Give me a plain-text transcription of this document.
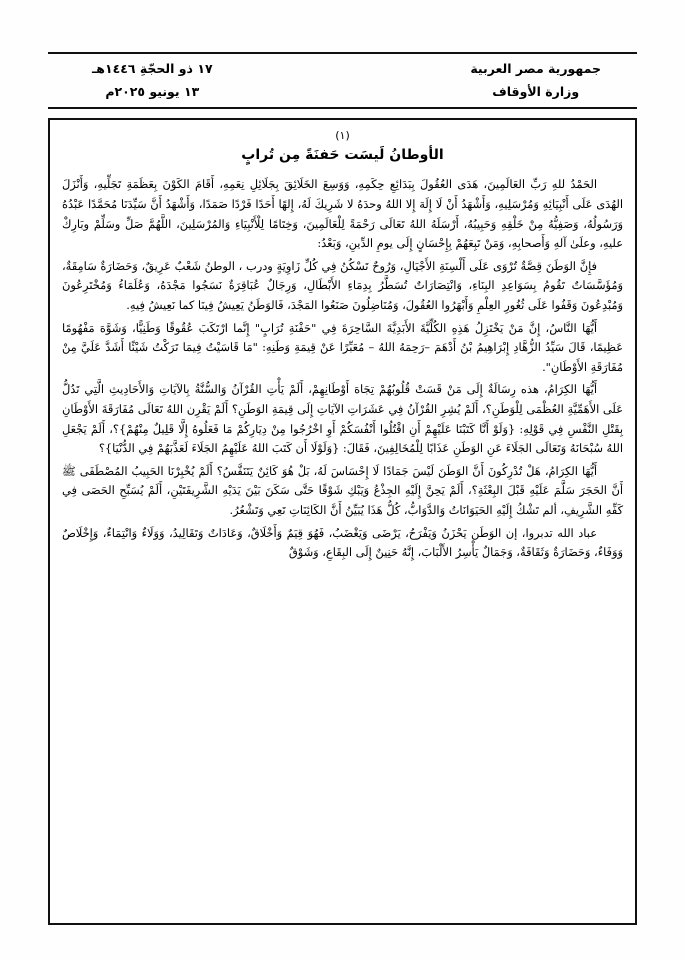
جمهورية مصر العربية
وزارة الأوقاف
١٧ ذو الحجّةِ ١٤٤٦هـ
١٣ يونيو ٢٠٢٥م
(١)
الأوطانُ لَيسَت حَفنَةً مِن تُرابٍ

الحَمْدُ للهِ رَبِّ العَالَمِينَ، هَدَى العُقُولَ بِبَدَائِعِ حِكَمِهِ، وَوَسِعَ الخَلَائِقَ بِجَلَائِلِ نِعَمِهِ، أَقَامَ الكَوْنَ بِعَظَمَةِ تَجَلِّيهِ، وَأَنْزَلَ الهُدَى عَلَى أَنْبِيَائِهِ وَمُرْسَلِيهِ، وَأَشْهَدُ أَنْ لَا إِلَهَ إِلا اللهُ وحدَهُ لا شَرِيكَ لَهُ، إِلهًا أَحَدًا فَرْدًا صَمَدًا، وَأَشْهَدُ أَنَّ سَيِّدَنَا مُحَمَّدًا عَبْدُهُ وَرَسُولُهُ، وَصَفِيُّهُ مِنْ خَلْقِهِ وَحَبِيبُهُ، أَرْسَلَهُ اللهُ تَعَالَى رَحْمَةً لِلْعَالَمِينَ، وَخِتَامًا لِلْأَنْبِيَاءِ وَالمُرْسَلِينَ، اللَّهُمَّ صَلِّ وسَلِّمْ وبَارِكْ عليهِ، وعلَىٰ آلهِ وَأَصحابِهِ، وَمَنْ تَبِعَهُمْ بِإِحْسَانٍ إِلَى يومِ الدِّينِ، وَبَعْدُ:

فإِنَّ الوَطَنَ قِصَّةٌ تُرْوَى عَلَى أَلْسِنَةِ الأَجْيَالِ، وَرُوحٌ تَسْكُنُ فِي كُلِّ زَاوِيَةٍ ودرب ، الوطنُ شَعْبٌ عَرِيقٌ، وَحَضَارَةٌ سَامِقَةٌ، وَمُؤَسَّسَاتٌ تَقُومُ بِسَوَاعِدِ البِنَاءِ، وَانْتِصَارَاتٌ تُسَطَّرُ بِدِمَاءِ الأَبْطَالِ، وَرِجَالٌ عُبَاقِرَةٌ نَسَجُوا مَجْدَهُ، وَعُلَمَاءُ وَمُخْتَرِعُونَ وَمُبْدِعُونَ وَقَفُوا عَلَى ثُغُورِ العِلْمِ وَأَبْهَرُوا العُقُولَ، وَمُنَاضِلُونَ صَنَعُوا المَجْدَ، فَالوَطَنُ يَعِيشُ فِينَا كما نَعِيشُ فِيهِ.

أَيُّهَا النَّاسُ، إِنَّ مَنْ يَخْتَزِلُ هَذِهِ الكُلِّيَّةَ الأَبَدِيَّةَ السَّاحِرَةَ فِي "حَفْنَةِ تُرَابٍ" إِنَّما ارْتَكَبَ عُقُوقًا وَطَنِيًّا، وَشَوَّهَ مَفْهُومًا عَظِيمًا، قَالَ سَيِّدُ الزُّهَّادِ إِبْرَاهِيمُ بْنُ أَدْهَمَ –رَحِمَهُ اللهُ – مُعَبِّرًا عَنْ قِيمَةِ وَطَنِهِ: "مَا قَاسَيْتُ فِيمَا تَرَكْتُ شَيْئًا أَشَدَّ عَلَيَّ مِنْ مُفَارَقَةِ الأَوْطَانِ".

أَيُّهَا الكِرَامُ، هذه رِسَالَةٌ إِلَى مَنْ قَسَتْ قُلُوبُهُمْ تِجَاهَ أَوْطَانِهِمْ، أَلَمْ يَأْتِ القُرْآنُ وَالسُّنَّةُ بِالآيَاتِ وَالأَحَادِيثِ الَّتِي تَدُلُّ عَلَى الأَهَمِّيَّةِ العُظْمَى لِلْوَطَنِ؟، أَلَمْ يُشِرِ القُرْآنُ فِي عَشَرَاتِ الآيَاتِ إِلَى قِيمَةِ الوَطَنِ؟ أَلَمْ يَقْرِن اللهُ تَعَالَى مُفَارَقَةَ الأَوْطَانِ بِقَتْلِ النَّفْسِ فِي قَوْلِهِ: {وَلَوْ أَنَّا كَتَبْنَا عَلَيْهِمْ أَنِ اقْتُلُوا أَنْفُسَكُمْ أَوِ اخْرُجُوا مِنْ دِيَارِكُمْ مَا فَعَلُوهُ إِلَّا قَلِيلٌ مِنْهُمْ}؟، أَلَمْ يَجْعَلِ اللهُ سُبْحَانَهُ وَتَعَالَى الجَلَاءَ عَنِ الوَطَنِ عَذَابًا لِلْمُخَالِفِينَ، فَقَالَ: {وَلَوْلَا أَن كَتَبَ اللهُ عَلَيْهِمُ الجَلَاءَ لَعَذَّبَهُمْ فِي الدُّنْيَا}؟

أَيُّهَا الكِرَامُ، هَلْ تُدْرِكُونَ أَنَّ الوَطَنَ لَيْسَ جَمَادًا لَا إِحْسَاسَ لَهُ، بَلْ هُوَ كَائِنٌ يَتَنَفَّسُ؟ أَلَمْ يُخْبِرْنَا الحَبِيبُ المُصْطَفَى ﷺ أَنَّ الحَجَرَ سَلَّمَ عَلَيْهِ قَبْلَ البِعْثَةِ؟، أَلَمْ يَحِنَّ إِلَيْهِ الجِذْعُ وَيَبْكِ شَوْقًا حَتَّى سَكَنَ بَيْنَ يَدَيْهِ الشَّرِيفَتَيْنِ، أَلَمْ يُسَبِّحِ الحَصَى فِي كَفِّهِ الشَّرِيفِ، ألم تَشْكُ إِلَيْهِ الحَيَوَانَاتُ وَالدَّوَابُّ، كُلُّ هَذَا يُبَيِّنُ أَنَّ الكَائِنَاتِ تَعِي وَتَشْعُرُ.

عباد الله تدبروا، إن الوَطَن يَحْزَنُ وَيَفْرَحُ، يَرْضَى وَيَغْضَبُ، فَهُوَ قِيَمٌ وَأَخْلَاقٌ، وَعَادَاتٌ وَتَقَالِيدُ، وَوَلَاءٌ وَانْتِمَاءٌ، وَإِخْلَاصٌ وَوَفَاءٌ، وَحَضَارَةٌ وَثَقَافَةٌ، وَجَمَالٌ يَأْسِرُ الأَلْبَابَ، إِنَّهُ حَنِينٌ إِلَى البِقَاعِ، وَشَوْقٌ
